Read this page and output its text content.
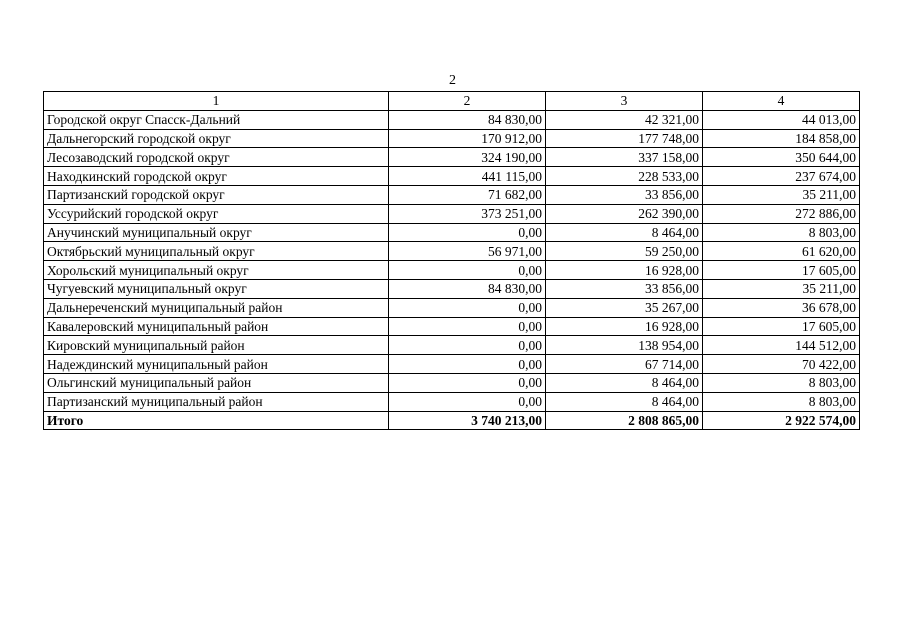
2
1	2	3	4
Городской округ Спасск-Дальний	84 830,00	42 321,00	44 013,00
Дальнегорский городской округ	170 912,00	177 748,00	184 858,00
Лесозаводский городской округ	324 190,00	337 158,00	350 644,00
Находкинский городской округ	441 115,00	228 533,00	237 674,00
Партизанский городской округ	71 682,00	33 856,00	35 211,00
Уссурийский городской округ	373 251,00	262 390,00	272 886,00
Анучинский муниципальный округ	0,00	8 464,00	8 803,00
Октябрьский муниципальный округ	56 971,00	59 250,00	61 620,00
Хорольский муниципальный округ	0,00	16 928,00	17 605,00
Чугуевский муниципальный округ	84 830,00	33 856,00	35 211,00
Дальнереченский муниципальный район	0,00	35 267,00	36 678,00
Кавалеровский муниципальный район	0,00	16 928,00	17 605,00
Кировский муниципальный район	0,00	138 954,00	144 512,00
Надеждинский муниципальный район	0,00	67 714,00	70 422,00
Ольгинский муниципальный район	0,00	8 464,00	8 803,00
Партизанский муниципальный район	0,00	8 464,00	8 803,00
Итого	3 740 213,00	2 808 865,00	2 922 574,00
